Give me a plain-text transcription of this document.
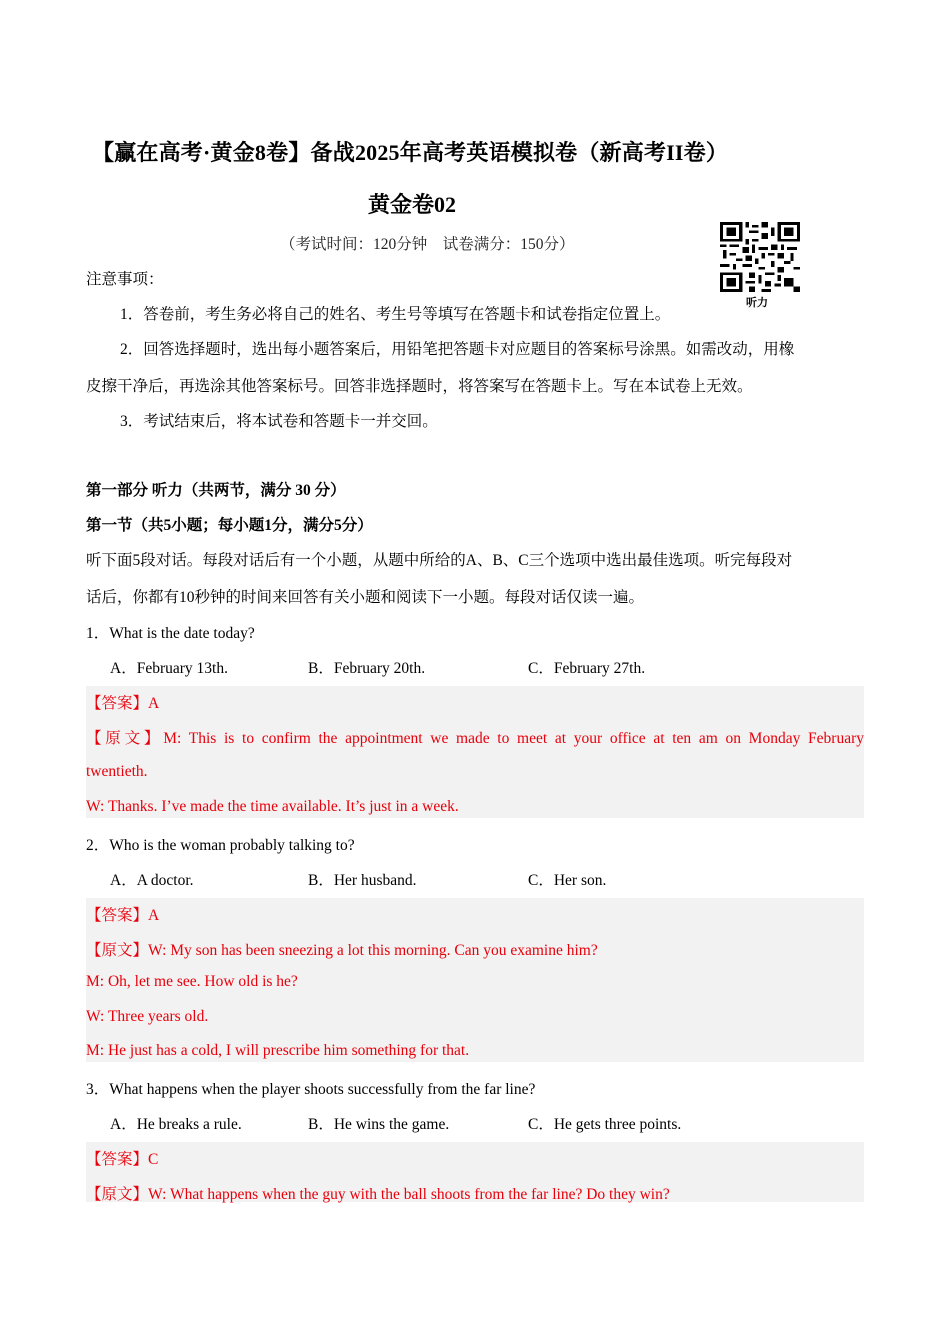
【赢在高考·黄金8卷】备战2025年高考英语模拟卷（新高考II卷）
黄金卷02
（考试时间：120分钟　试卷满分：150分）
听力
注意事项：
1．答卷前，考生务必将自己的姓名、考生号等填写在答题卡和试卷指定位置上。
2．回答选择题时，选出每小题答案后，用铅笔把答题卡对应题目的答案标号涂黑。如需改动，用橡
皮擦干净后，再选涂其他答案标号。回答非选择题时，将答案写在答题卡上。写在本试卷上无效。
3．考试结束后，将本试卷和答题卡一并交回。
第一部分 听力（共两节，满分 30 分）
第一节（共5小题；每小题1分，满分5分）
听下面5段对话。每段对话后有一个小题，从题中所给的A、B、C三个选项中选出最佳选项。听完每段对
话后，你都有10秒钟的时间来回答有关小题和阅读下一小题。每段对话仅读一遍。
1．What is the date today?
A．February 13th.	B．February 20th.	C．February 27th.
【答案】A
【原文】M: This is to confirm the appointment we made to meet at your office at ten am on Monday February
twentieth.
W: Thanks. I’ve made the time available. It’s just in a week.
2．Who is the woman probably talking to?
A．A doctor.	B．Her husband.	C．Her son.
【答案】A
【原文】W: My son has been sneezing a lot this morning. Can you examine him?
M: Oh, let me see. How old is he?
W: Three years old.
M: He just has a cold, I will prescribe him something for that.
3．What happens when the player shoots successfully from the far line?
A．He breaks a rule.	B．He wins the game.	C．He gets three points.
【答案】C
【原文】W: What happens when the guy with the ball shoots from the far line? Do they win?
